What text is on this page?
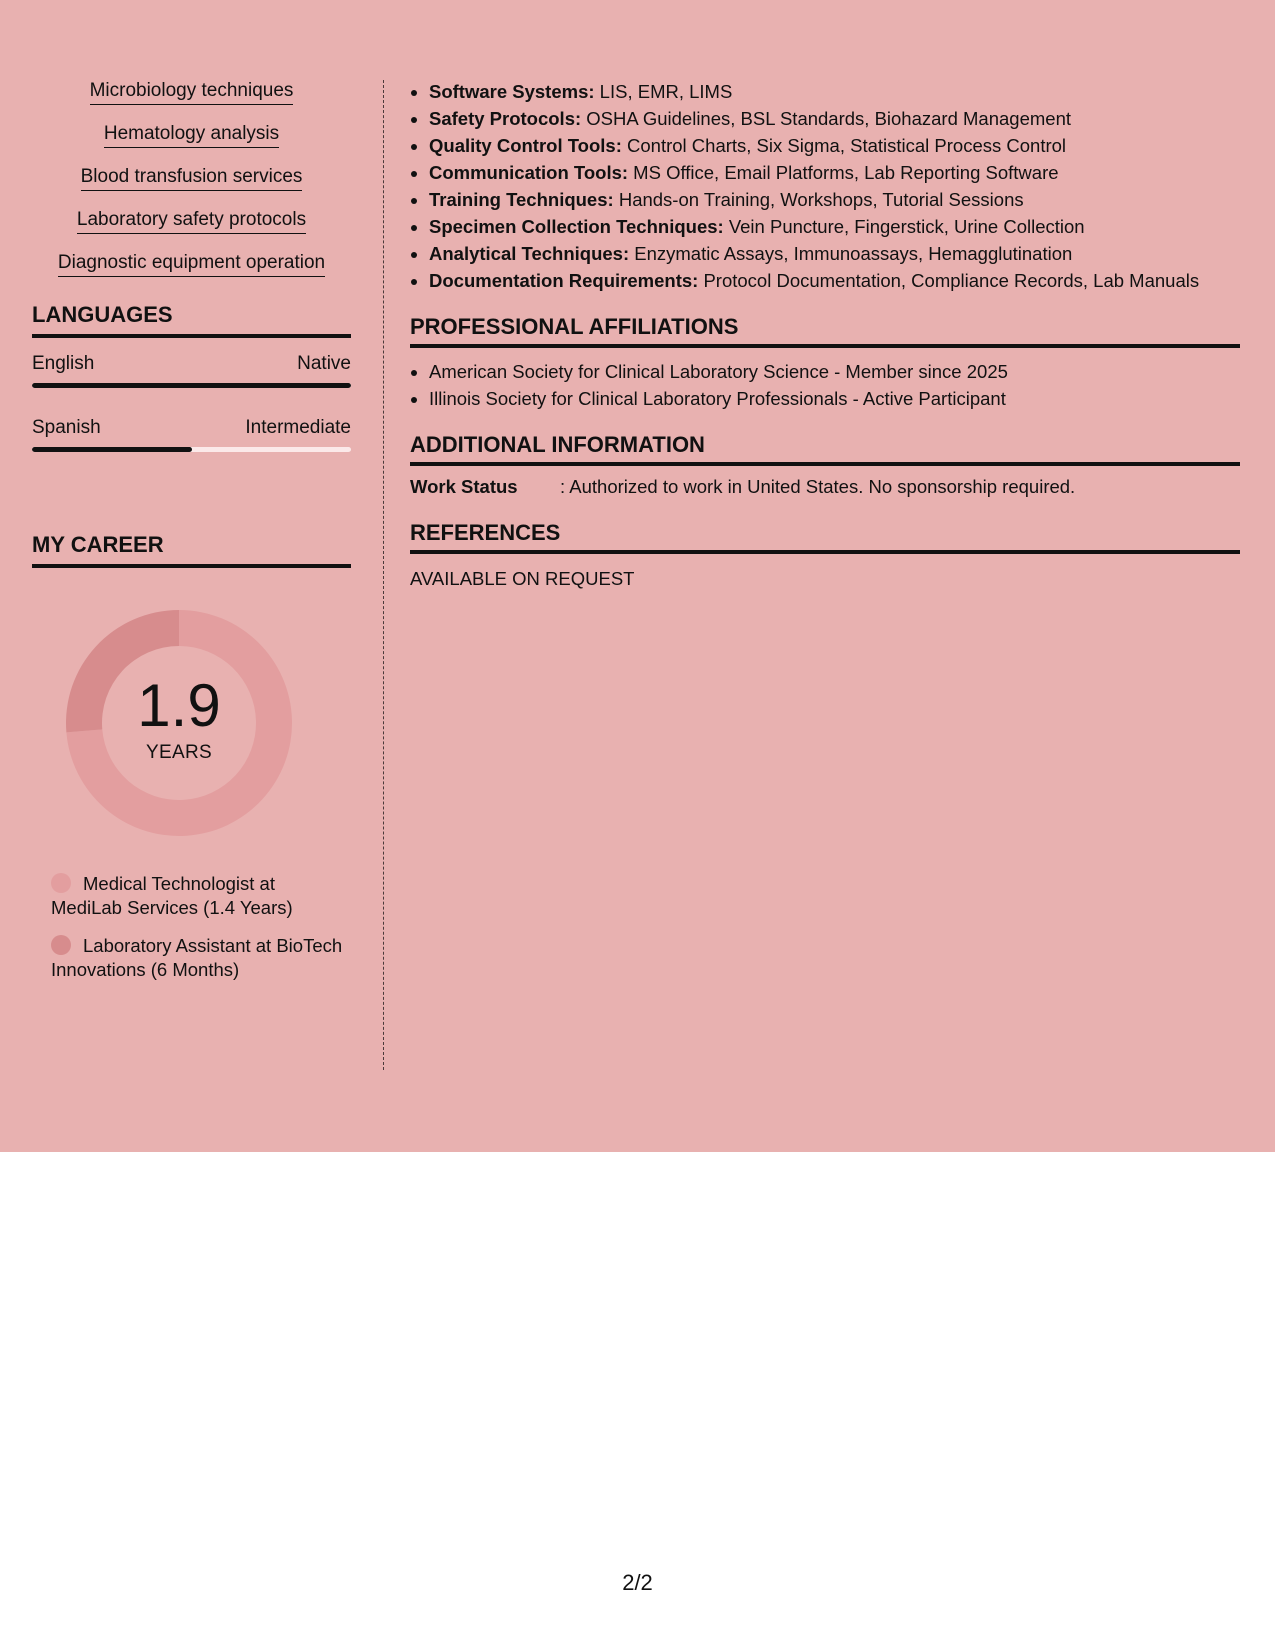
Microbiology techniques
Hematology analysis
Blood transfusion services
Laboratory safety protocols
Diagnostic equipment operation
LANGUAGES
English	Native
Spanish	Intermediate
MY CAREER
1.9
YEARS
Medical Technologist at MediLab Services (1.4 Years)
Laboratory Assistant at BioTech Innovations (6 Months)
• Software Systems: LIS, EMR, LIMS
• Safety Protocols: OSHA Guidelines, BSL Standards, Biohazard Management
• Quality Control Tools: Control Charts, Six Sigma, Statistical Process Control
• Communication Tools: MS Office, Email Platforms, Lab Reporting Software
• Training Techniques: Hands-on Training, Workshops, Tutorial Sessions
• Specimen Collection Techniques: Vein Puncture, Fingerstick, Urine Collection
• Analytical Techniques: Enzymatic Assays, Immunoassays, Hemagglutination
• Documentation Requirements: Protocol Documentation, Compliance Records, Lab Manuals
PROFESSIONAL AFFILIATIONS
• American Society for Clinical Laboratory Science - Member since 2025
• Illinois Society for Clinical Laboratory Professionals - Active Participant
ADDITIONAL INFORMATION
Work Status	: Authorized to work in United States. No sponsorship required.
REFERENCES
AVAILABLE ON REQUEST
2/2
